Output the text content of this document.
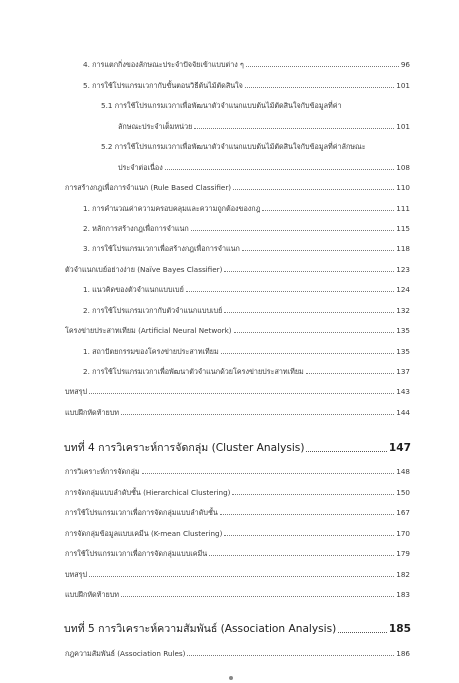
4. การแตกกิ่งของลักษณะประจำปัจจัยเข้าแบบต่าง ๆ	96
5. การใช้โปรแกรมเวกากับขั้นตอนวิธีต้นไม้ตัดสินใจ	101
5.1 การใช้โปรแกรมเวกาเพื่อพัฒนาตัวจำแนกแบบต้นไม้ตัดสินใจกับข้อมูลที่ค่า
ลักษณะประจำเต็มหน่วย	101
5.2 การใช้โปรแกรมเวกาเพื่อพัฒนาตัวจำแนกแบบต้นไม้ตัดสินใจกับข้อมูลที่ค่าลักษณะ
ประจำต่อเนื่อง	108
การสร้างกฎเพื่อการจำแนก (Rule Based Classifier)	110
1. การคำนวณค่าความครอบคลุมและความถูกต้องของกฎ	111
2. หลักการสร้างกฎเพื่อการจำแนก	115
3. การใช้โปรแกรมเวกาเพื่อสร้างกฎเพื่อการจำแนก	118
ตัวจำแนกเบย์อย่างง่าย (Naïve Bayes Classifier)	123
1. แนวคิดของตัวจำแนกแบบเบย์	124
2. การใช้โปรแกรมเวกากับตัวจำแนกแบบเบย์	132
โครงข่ายประสาทเทียม (Artificial Neural Network)	135
1. สถาปัตยกรรมของโครงข่ายประสาทเทียม	135
2. การใช้โปรแกรมเวกาเพื่อพัฒนาตัวจำแนกด้วยโครงข่ายประสาทเทียม	137
บทสรุป	143
แบบฝึกหัดท้ายบท	144
บทที่ 4 การวิเคราะห์การจัดกลุ่ม (Cluster Analysis)	147
การวิเคราะห์การจัดกลุ่ม	148
การจัดกลุ่มแบบลำดับชั้น (Hierarchical Clustering)	150
การใช้โปรแกรมเวกาเพื่อการจัดกลุ่มแบบลำดับชั้น	167
การจัดกลุ่มข้อมูลแบบเคมีน (K-mean Clustering)	170
การใช้โปรแกรมเวกาเพื่อการจัดกลุ่มแบบเคมีน	179
บทสรุป	182
แบบฝึกหัดท้ายบท	183
บทที่ 5 การวิเคราะห์ความสัมพันธ์ (Association Analysis)	185
กฎความสัมพันธ์ (Association Rules)	186
